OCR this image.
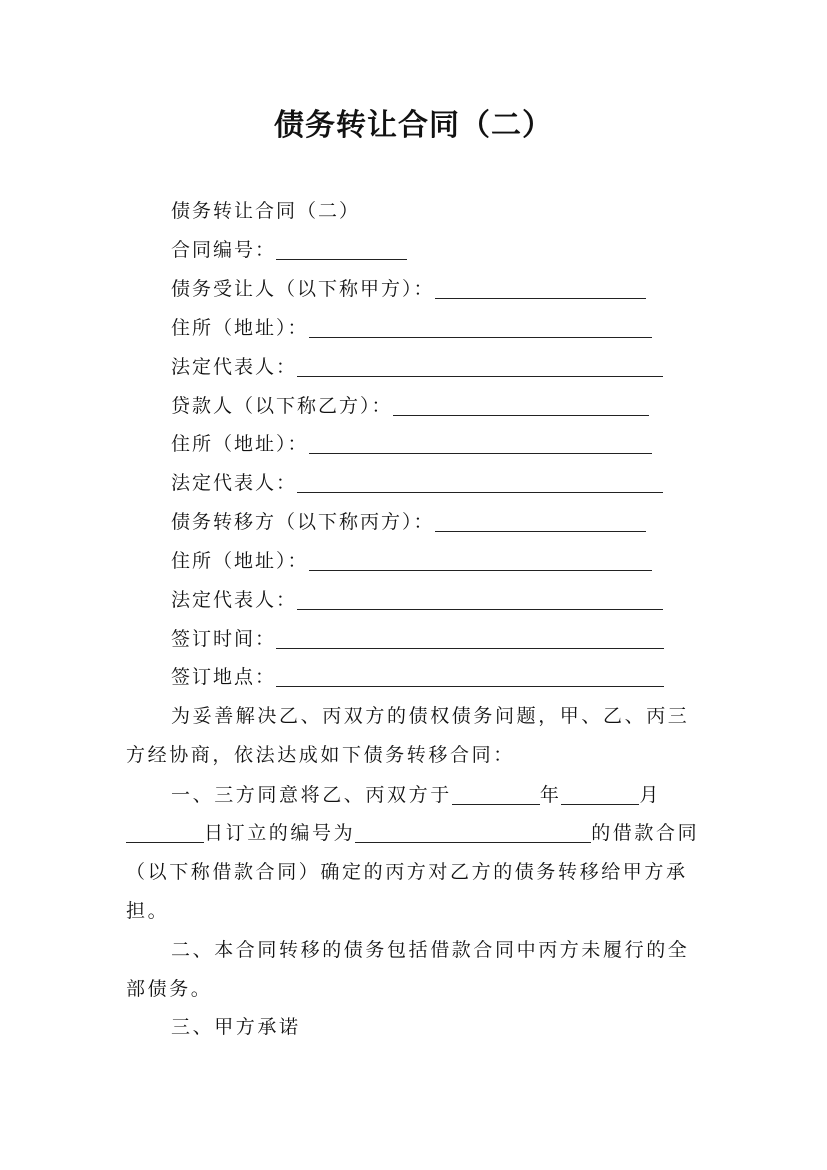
债务转让合同（二）
债务转让合同（二）
合同编号：
债务受让人（以下称甲方）：
住所（地址）：
法定代表人：
贷款人（以下称乙方）：
住所（地址）：
法定代表人：
债务转移方（以下称丙方）：
住所（地址）：
法定代表人：
签订时间：
签订地点：
为妥善解决乙、丙双方的债权债务问题，甲、乙、丙三
方经协商，依法达成如下债务转移合同：
一、三方同意将乙、丙双方于	年	月
日订立的编号为	的借款合同
（以下称借款合同）确定的丙方对乙方的债务转移给甲方承
担。
二、本合同转移的债务包括借款合同中丙方未履行的全
部债务。
三、甲方承诺
